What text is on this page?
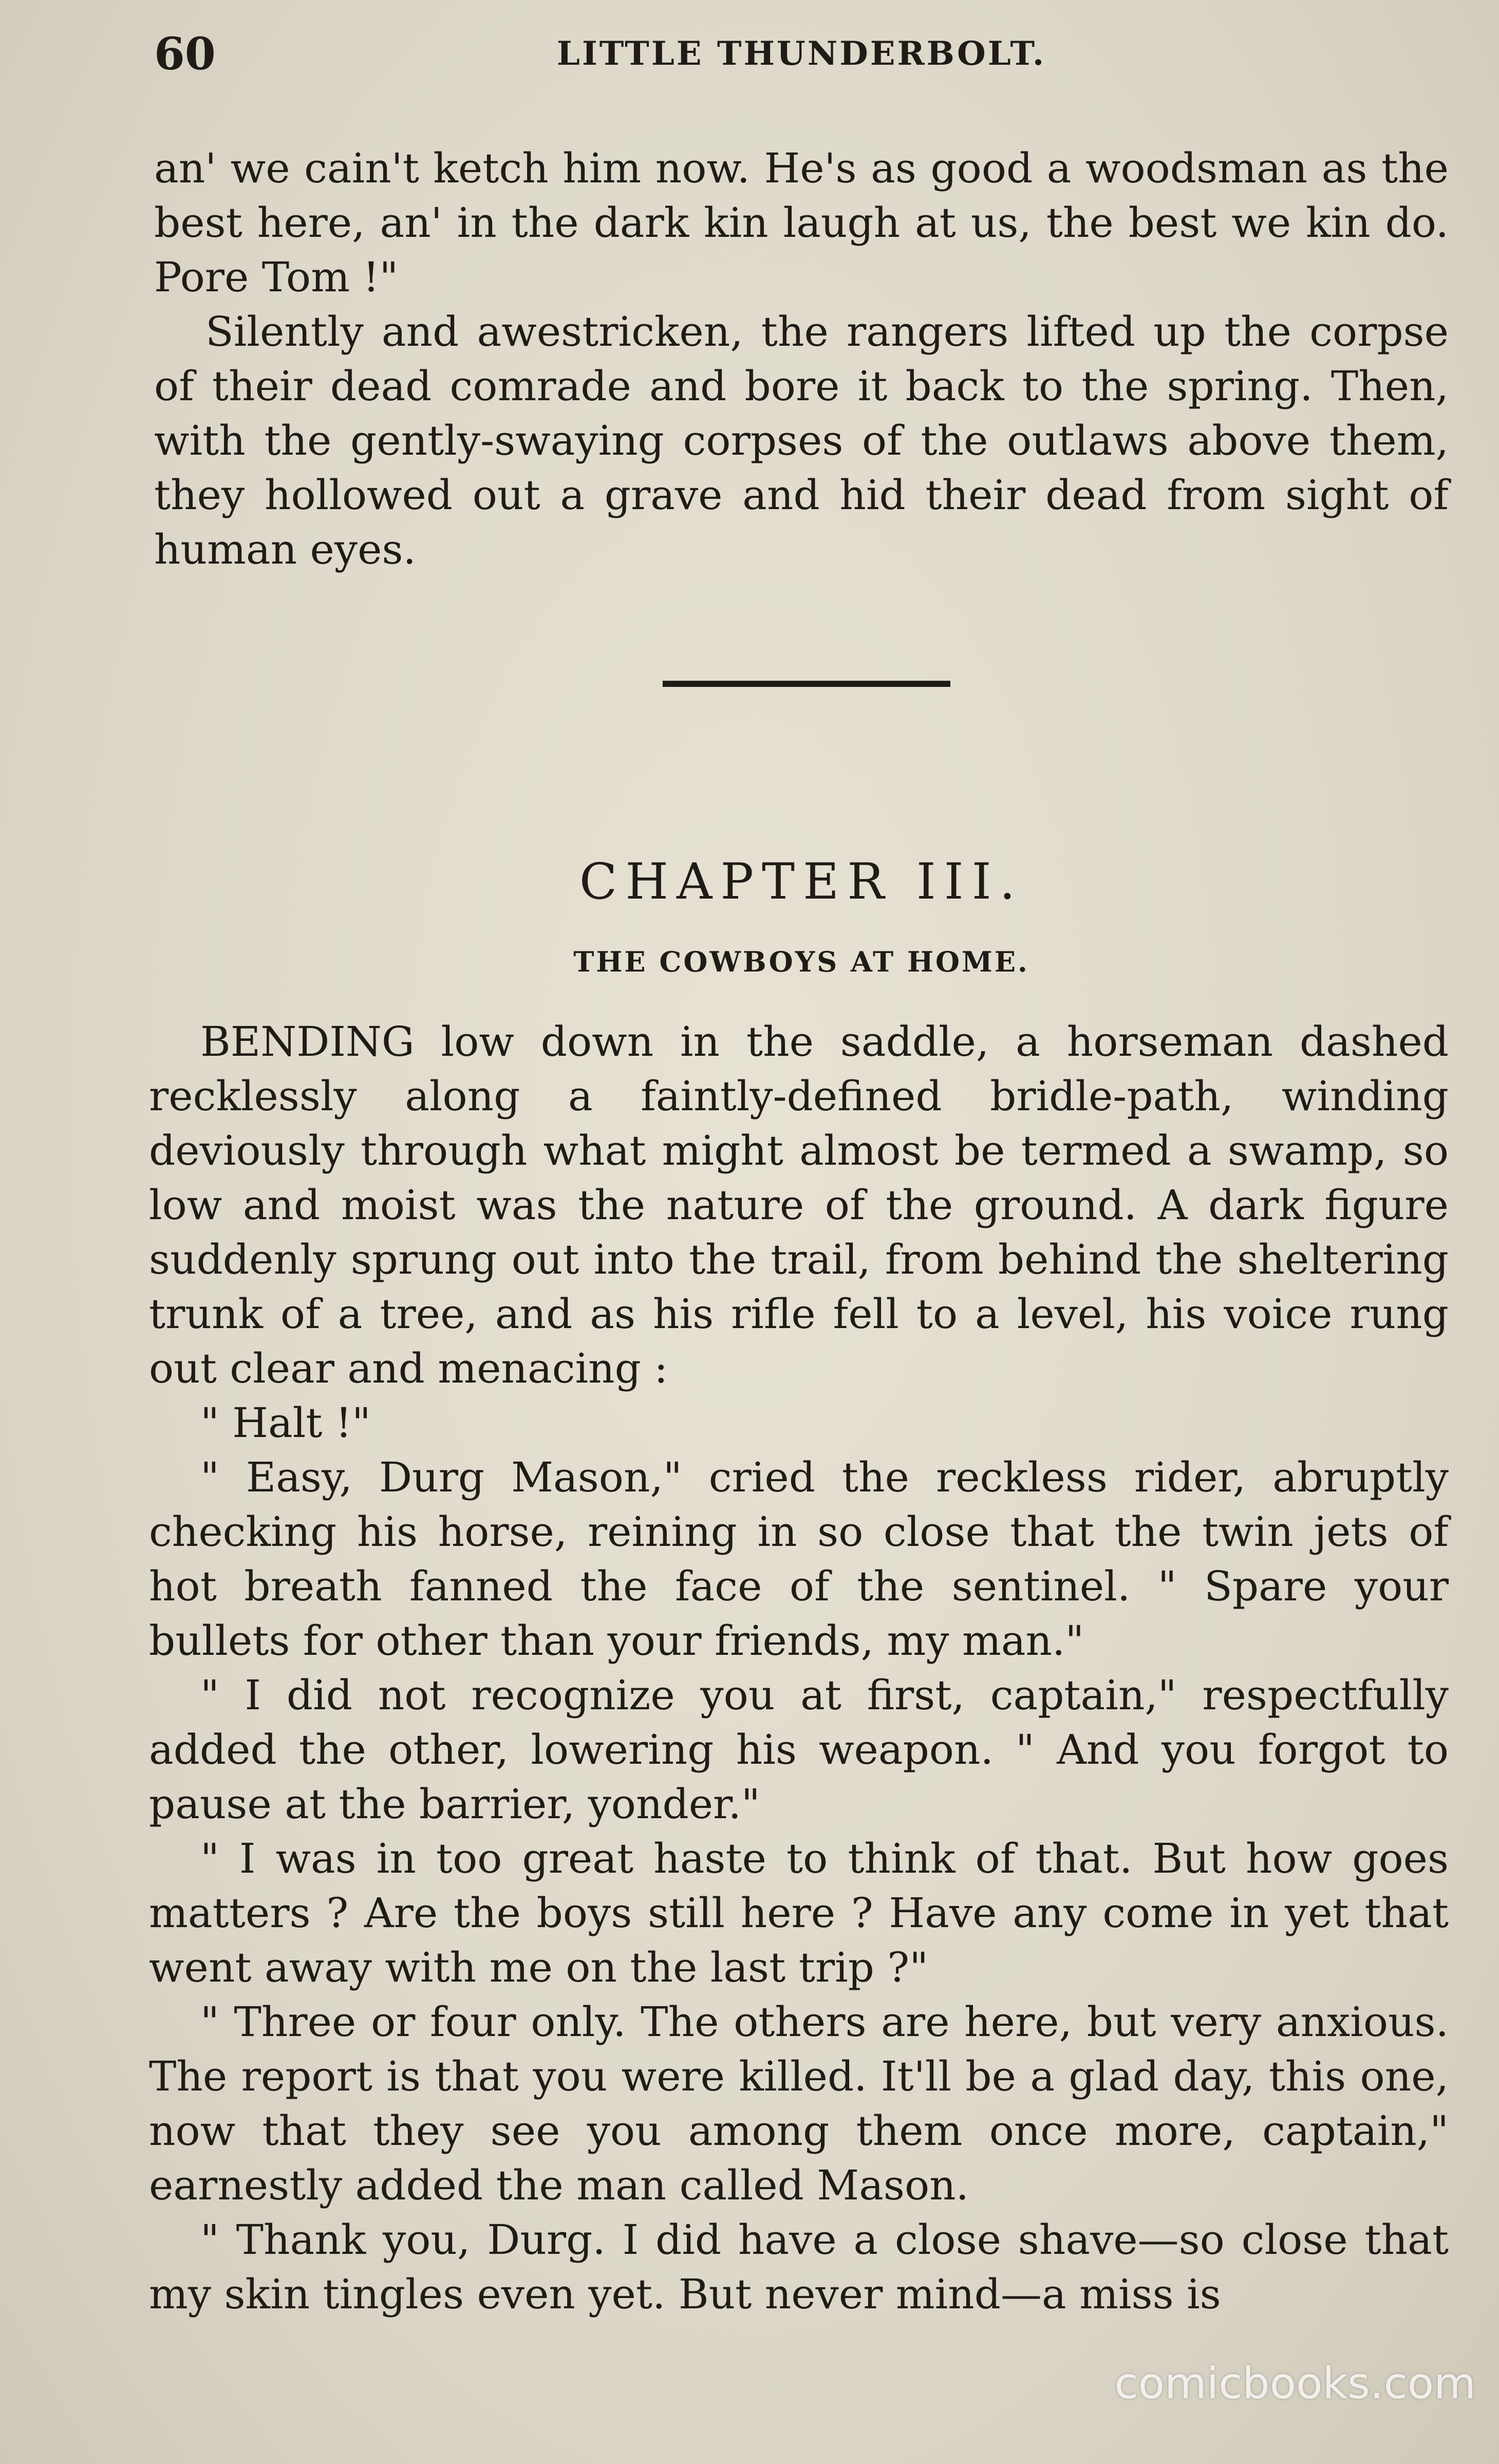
60	LITTLE THUNDERBOLT.

an' we cain't ketch him now. He's as good a woodsman as the best here, an' in the dark kin laugh at us, the best we kin do. Pore Tom !"

Silently and awestricken, the rangers lifted up the corpse of their dead comrade and bore it back to the spring. Then, with the gently-swaying corpses of the outlaws above them, they hollowed out a grave and hid their dead from sight of human eyes.

CHAPTER III.
THE COWBOYS AT HOME.

BENDING low down in the saddle, a horseman dashed recklessly along a faintly-defined bridle-path, winding deviously through what might almost be termed a swamp, so low and moist was the nature of the ground. A dark figure suddenly sprung out into the trail, from behind the sheltering trunk of a tree, and as his rifle fell to a level, his voice rung out clear and menacing :

" Halt !"

" Easy, Durg Mason," cried the reckless rider, abruptly checking his horse, reining in so close that the twin jets of hot breath fanned the face of the sentinel. " Spare your bullets for other than your friends, my man."

" I did not recognize you at first, captain," respectfully added the other, lowering his weapon. " And you forgot to pause at the barrier, yonder."

" I was in too great haste to think of that. But how goes matters ? Are the boys still here ? Have any come in yet that went away with me on the last trip ?"

" Three or four only. The others are here, but very anxious. The report is that you were killed. It'll be a glad day, this one, now that they see you among them once more, captain," earnestly added the man called Mason.

" Thank you, Durg. I did have a close shave—so close that my skin tingles even yet. But never mind—a miss is

comicbooks.com
